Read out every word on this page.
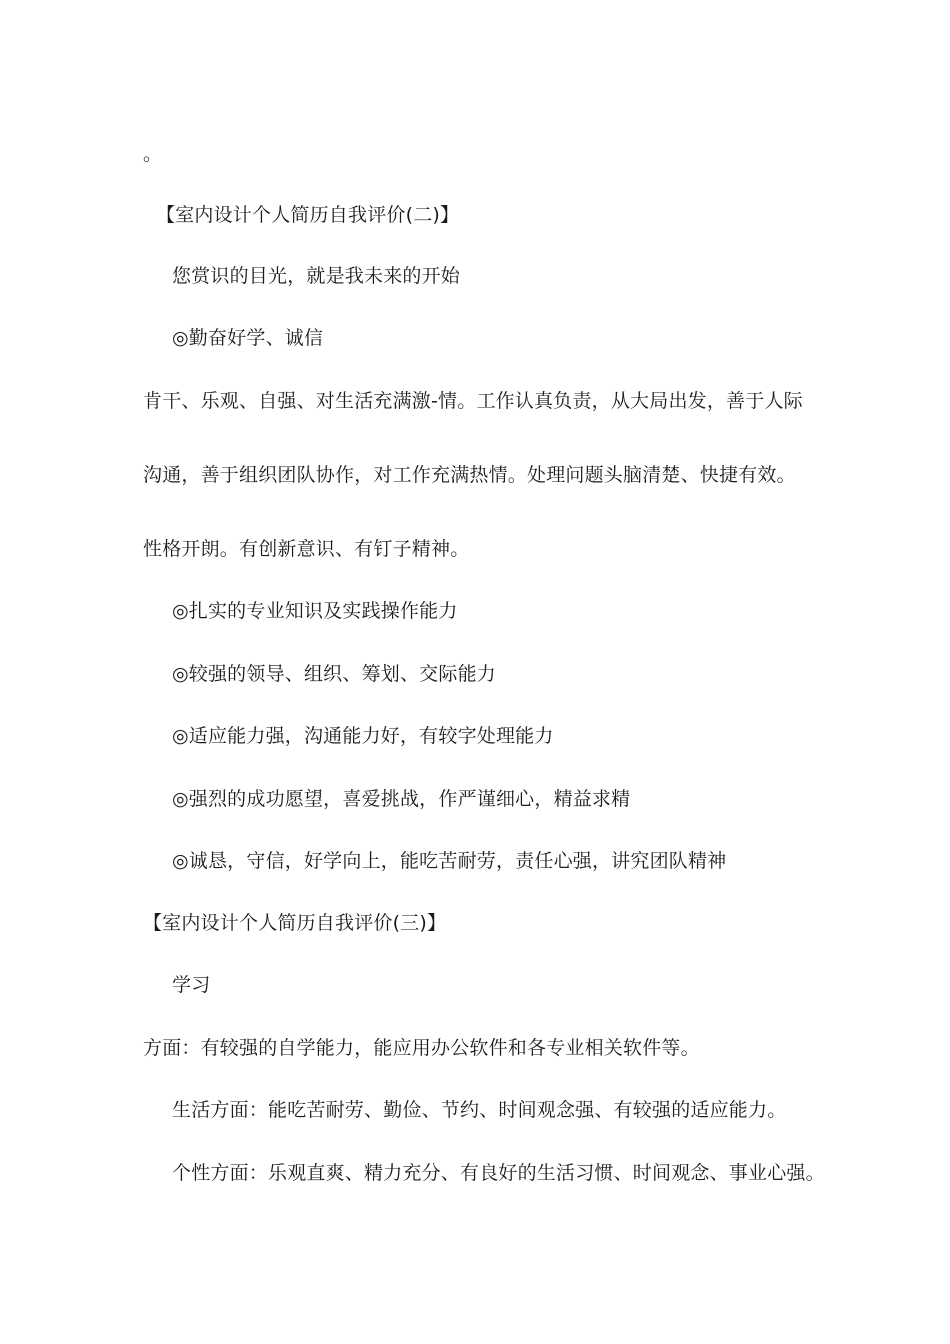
。
【室内设计个人简历自我评价(二)】
您赏识的目光，就是我未来的开始
◎勤奋好学、诚信
肯干、乐观、自强、对生活充满激-情。工作认真负责，从大局出发，善于人际
沟通，善于组织团队协作，对工作充满热情。处理问题头脑清楚、快捷有效。
性格开朗。有创新意识、有钉子精神。
◎扎实的专业知识及实践操作能力
◎较强的领导、组织、筹划、交际能力
◎适应能力强，沟通能力好，有较字处理能力
◎强烈的成功愿望，喜爱挑战，作严谨细心，精益求精
◎诚恳，守信，好学向上，能吃苦耐劳，责任心强，讲究团队精神
【室内设计个人简历自我评价(三)】
学习
方面：有较强的自学能力，能应用办公软件和各专业相关软件等。
生活方面：能吃苦耐劳、勤俭、节约、时间观念强、有较强的适应能力。
个性方面：乐观直爽、精力充分、有良好的生活习惯、时间观念、事业心强。
